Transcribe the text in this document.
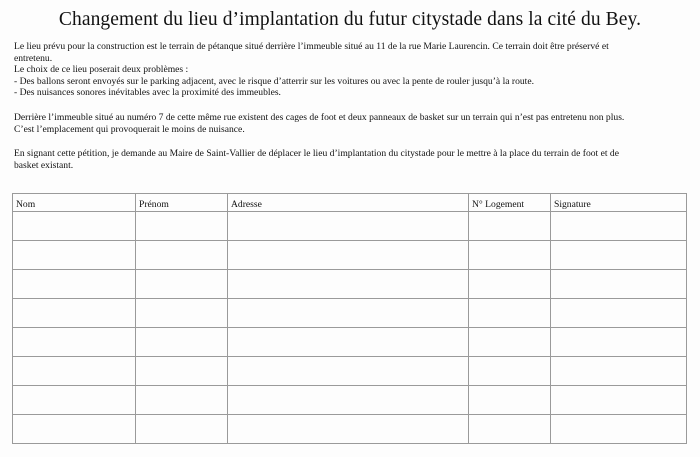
Changement du lieu d’implantation du futur citystade dans la cité du Bey.
Le lieu prévu pour la construction est le terrain de pétanque situé derrière l’immeuble situé au 11 de la rue Marie Laurencin. Ce terrain doit être préservé et
entretenu.
Le choix de ce lieu poserait deux problèmes :
- Des ballons seront envoyés sur le parking adjacent, avec le risque d’atterrir sur les voitures ou avec la pente de rouler jusqu’à la route.
- Des nuisances sonores inévitables avec la proximité des immeubles.
Derrière l’immeuble situé au numéro 7 de cette même rue existent des cages de foot et deux panneaux de basket sur un terrain qui n’est pas entretenu non plus.
C’est l’emplacement qui provoquerait le moins de nuisance.
En signant cette pétition, je demande au Maire de Saint-Vallier de déplacer le lieu d’implantation du citystade pour le mettre à la place du terrain de foot et de
basket existant.
Nom	Prénom	Adresse	N° Logement	Signature
